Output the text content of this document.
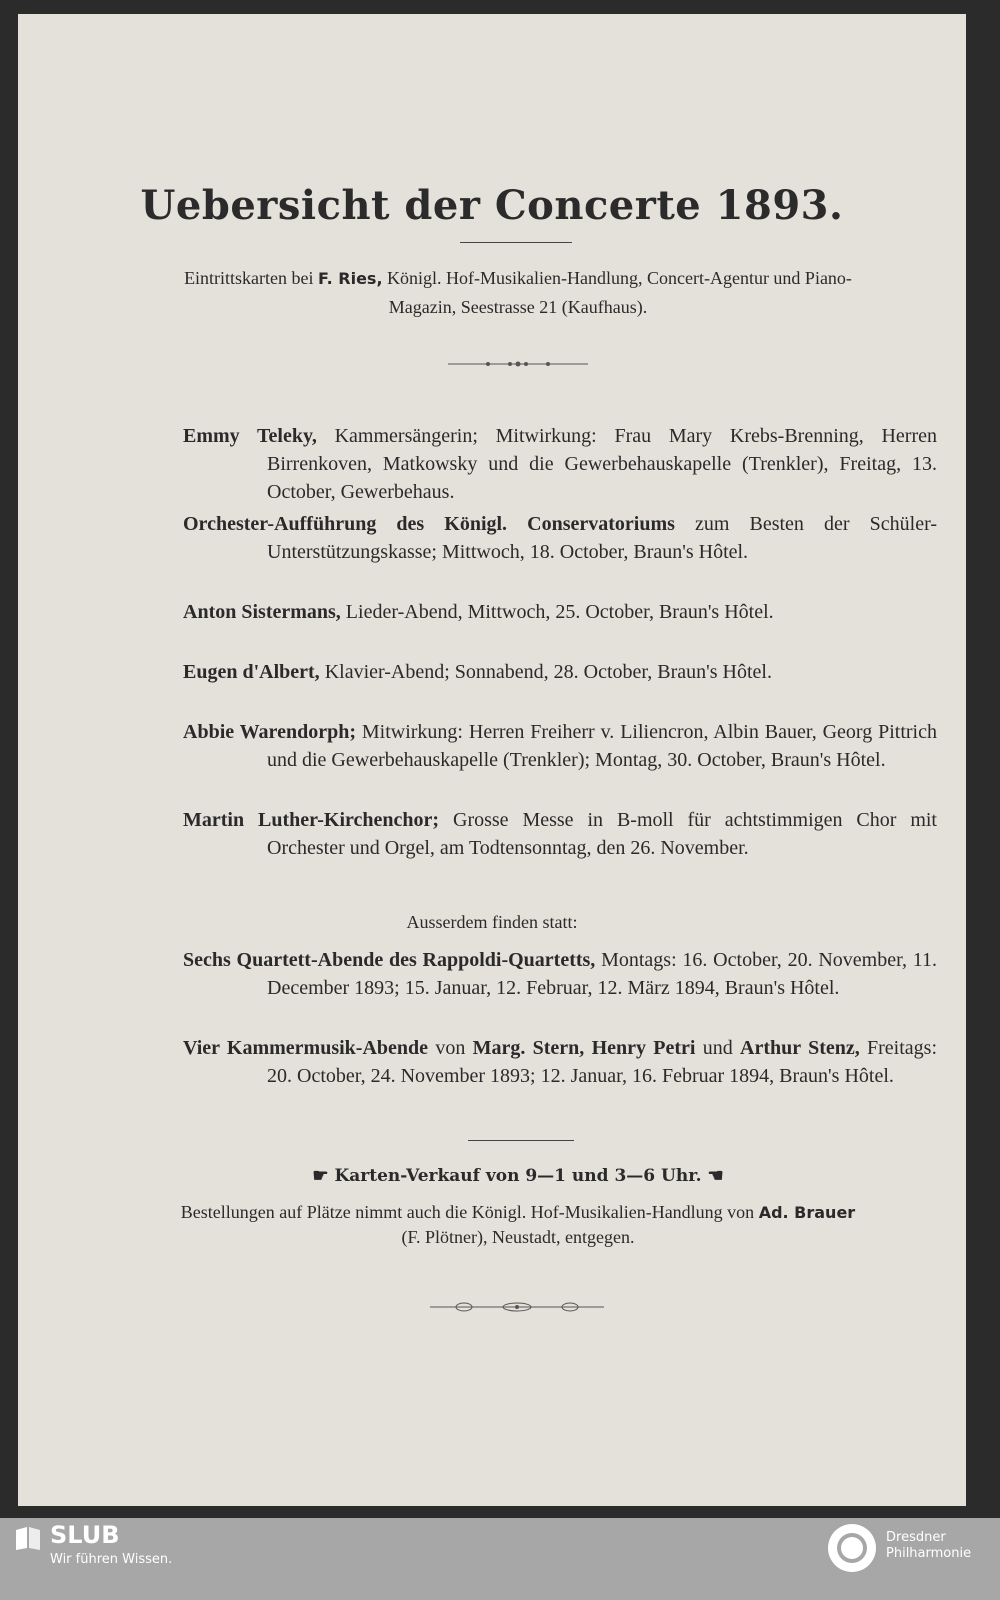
Uebersicht der Concerte 1893.
Eintrittskarten bei F. Ries, Königl. Hof-Musikalien-Handlung, Concert-Agentur und Piano-Magazin, Seestrasse 21 (Kaufhaus).
Emmy Teleky, Kammersängerin; Mitwirkung: Frau Mary Krebs-Brenning, Herren Birrenkoven, Matkowsky und die Gewerbehauskapelle (Trenkler), Freitag, 13. October, Gewerbehaus.
Orchester-Aufführung des Königl. Conservatoriums zum Besten der Schüler-Unterstützungskasse; Mittwoch, 18. October, Braun's Hôtel.
Anton Sistermans, Lieder-Abend, Mittwoch, 25. October, Braun's Hôtel.
Eugen d'Albert, Klavier-Abend; Sonnabend, 28. October, Braun's Hôtel.
Abbie Warendorph; Mitwirkung: Herren Freiherr v. Liliencron, Albin Bauer, Georg Pittrich und die Gewerbehauskapelle (Trenkler); Montag, 30. October, Braun's Hôtel.
Martin Luther-Kirchenchor; Grosse Messe in B-moll für achtstimmigen Chor mit Orchester und Orgel, am Todtensonntag, den 26. November.
Ausserdem finden statt:
Sechs Quartett-Abende des Rappoldi-Quartetts, Montags: 16. October, 20. November, 11. December 1893; 15. Januar, 12. Februar, 12. März 1894, Braun's Hôtel.
Vier Kammermusik-Abende von Marg. Stern, Henry Petri und Arthur Stenz, Freitags: 20. October, 24. November 1893; 12. Januar, 16. Februar 1894, Braun's Hôtel.
☛ Karten-Verkauf von 9—1 und 3—6 Uhr. ☚
Bestellungen auf Plätze nimmt auch die Königl. Hof-Musikalien-Handlung von Ad. Brauer (F. Plötner), Neustadt, entgegen.
SLUB
Wir führen Wissen.
Dresdner
Philharmonie
